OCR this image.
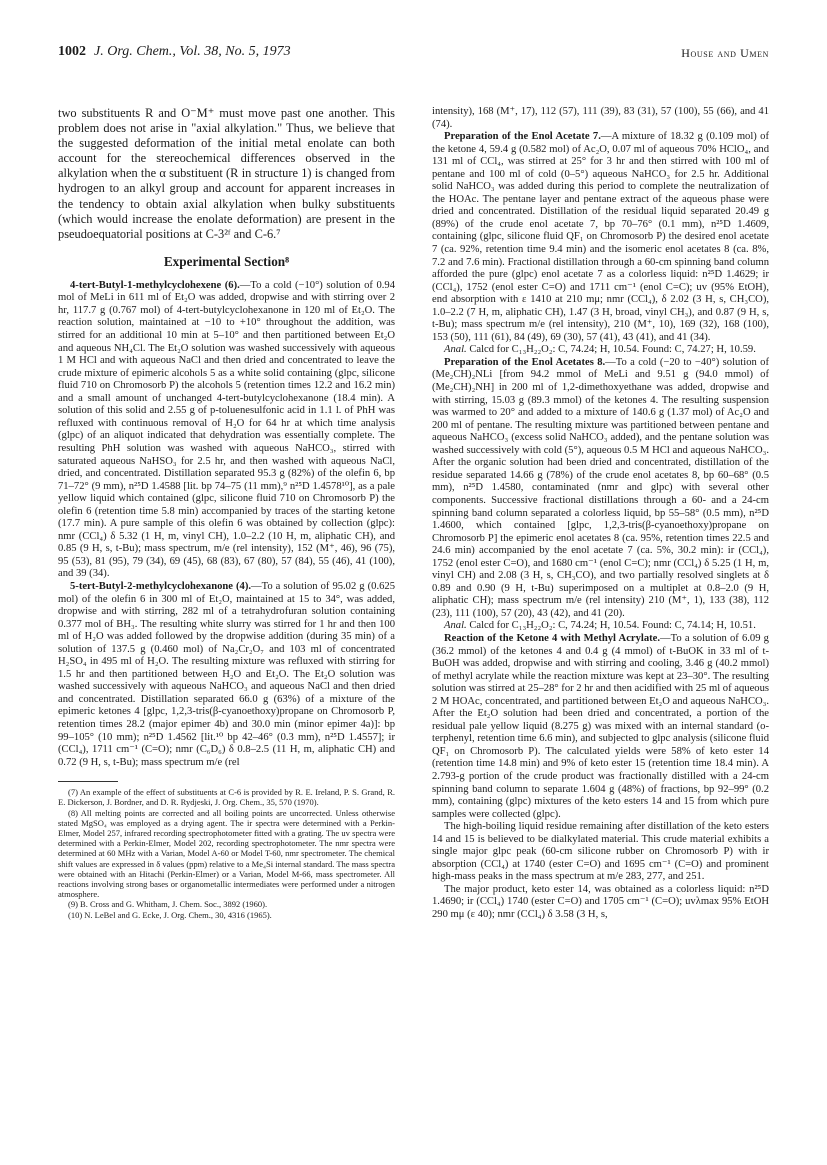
1002 J. Org. Chem., Vol. 38, No. 5, 1973	House and Umen

two substituents R and O⁻M⁺ must move past one another. This problem does not arise in "axial alkylation." Thus, we believe that the suggested deformation of the initial metal enolate can both account for the stereochemical differences observed in the alkylation when the α substituent (R in structure 1) is changed from hydrogen to an alkyl group and account for apparent increases in the tendency to obtain axial alkylation when bulky substituents (which would increase the enolate deformation) are present in the pseudoequatorial positions at C-3²ᶠ and C-6.⁷

Experimental Section⁸

4-tert-Butyl-1-methylcyclohexene (6).—To a cold (−10°) solution of 0.94 mol of MeLi in 611 ml of Et₂O was added, dropwise and with stirring over 2 hr, 117.7 g (0.767 mol) of 4-tert-butylcyclohexanone in 120 ml of Et₂O. The reaction solution, maintained at −10 to +10° throughout the addition, was stirred for an additional 10 min at 5–10° and then partitioned between Et₂O and aqueous NH₄Cl. The Et₂O solution was washed successively with aqueous 1 M HCl and with aqueous NaCl and then dried and concentrated to leave the crude mixture of epimeric alcohols 5 as a white solid containing (glpc, silicone fluid 710 on Chromosorb P) the alcohols 5 (retention times 12.2 and 16.2 min) and a small amount of unchanged 4-tert-butylcyclohexanone (18.4 min). A solution of this solid and 2.55 g of p-toluenesulfonic acid in 1.1 l. of PhH was refluxed with continuous removal of H₂O for 64 hr at which time analysis (glpc) of an aliquot indicated that dehydration was essentially complete. The resulting PhH solution was washed with aqueous NaHCO₃, stirred with saturated aqueous NaHSO₃ for 2.5 hr, and then washed with aqueous NaCl, dried, and concentrated. Distillation separated 95.3 g (82%) of the olefin 6, bp 71–72° (9 mm), n²⁵D 1.4588 [lit. bp 74–75 (11 mm),⁹ n²⁵D 1.4578¹⁰], as a pale yellow liquid which contained (glpc, silicone fluid 710 on Chromosorb P) the olefin 6 (retention time 5.8 min) accompanied by traces of the starting ketone (17.7 min). A pure sample of this olefin 6 was obtained by collection (glpc): nmr (CCl₄) δ 5.32 (1 H, m, vinyl CH), 1.0–2.2 (10 H, m, aliphatic CH), and 0.85 (9 H, s, t-Bu); mass spectrum, m/e (rel intensity), 152 (M⁺, 46), 96 (75), 95 (53), 81 (95), 79 (34), 69 (45), 68 (83), 67 (80), 57 (84), 55 (46), 41 (100), and 39 (34).

5-tert-Butyl-2-methylcyclohexanone (4).—To a solution of 95.02 g (0.625 mol) of the olefin 6 in 300 ml of Et₂O, maintained at 15 to 34°, was added, dropwise and with stirring, 282 ml of a tetrahydrofuran solution containing 0.377 mol of BH₃. The resulting white slurry was stirred for 1 hr and then 100 ml of H₂O was added followed by the dropwise addition (during 35 min) of a solution of 137.5 g (0.460 mol) of Na₂Cr₂O₇ and 103 ml of concentrated H₂SO₄ in 495 ml of H₂O. The resulting mixture was refluxed with stirring for 1.5 hr and then partitioned between H₂O and Et₂O. The Et₂O solution was washed successively with aqueous NaHCO₃ and aqueous NaCl and then dried and concentrated. Distillation separated 66.0 g (63%) of a mixture of the epimeric ketones 4 [glpc, 1,2,3-tris(β-cyanoethoxy)propane on Chromosorb P, retention times 28.2 (major epimer 4b) and 30.0 min (minor epimer 4a)]: bp 99–105° (10 mm); n²⁵D 1.4562 [lit.¹⁰ bp 42–46° (0.3 mm), n²⁵D 1.4557]; ir (CCl₄), 1711 cm⁻¹ (C=O); nmr (C₆D₆) δ 0.8–2.5 (11 H, m, aliphatic CH) and 0.72 (9 H, s, t-Bu); mass spectrum m/e (rel

(7) An example of the effect of substituents at C-6 is provided by R. E. Ireland, P. S. Grand, R. E. Dickerson, J. Bordner, and D. R. Rydjeski, J. Org. Chem., 35, 570 (1970).

(8) All melting points are corrected and all boiling points are uncorrected. Unless otherwise stated MgSO₄ was employed as a drying agent. The ir spectra were determined with a Perkin-Elmer, Model 257, infrared recording spectrophotometer fitted with a grating. The uv spectra were determined with a Perkin-Elmer, Model 202, recording spectrophotometer. The nmr spectra were determined at 60 MHz with a Varian, Model A-60 or Model T-60, nmr spectrometer. The chemical shift values are expressed in δ values (ppm) relative to a Me₄Si internal standard. The mass spectra were obtained with an Hitachi (Perkin-Elmer) or a Varian, Model M-66, mass spectrometer. All reactions involving strong bases or organometallic intermediates were performed under a nitrogen atmosphere.

(9) B. Cross and G. Whitham, J. Chem. Soc., 3892 (1960).

(10) N. LeBel and G. Ecke, J. Org. Chem., 30, 4316 (1965).

intensity), 168 (M⁺, 17), 112 (57), 111 (39), 83 (31), 57 (100), 55 (66), and 41 (74).

Preparation of the Enol Acetate 7.—A mixture of 18.32 g (0.109 mol) of the ketone 4, 59.4 g (0.582 mol) of Ac₂O, 0.07 ml of aqueous 70% HClO₄, and 131 ml of CCl₄, was stirred at 25° for 3 hr and then stirred with 100 ml of pentane and 100 ml of cold (0–5°) aqueous NaHCO₃ for 2.5 hr. Additional solid NaHCO₃ was added during this period to complete the neutralization of the HOAc. The pentane layer and pentane extract of the aqueous phase were dried and concentrated. Distillation of the residual liquid separated 20.49 g (89%) of the crude enol acetate 7, bp 70–76° (0.1 mm), n²⁵D 1.4609, containing (glpc, silicone fluid QF₁ on Chromosorb P) the desired enol acetate 7 (ca. 92%, retention time 9.4 min) and the isomeric enol acetates 8 (ca. 8%, 7.2 and 7.6 min). Fractional distillation through a 60-cm spinning band column afforded the pure (glpc) enol acetate 7 as a colorless liquid: n²⁵D 1.4629; ir (CCl₄), 1752 (enol ester C=O) and 1711 cm⁻¹ (enol C=C); uv (95% EtOH), end absorption with ε 1410 at 210 mμ; nmr (CCl₄), δ 2.02 (3 H, s, CH₃CO), 1.0–2.2 (7 H, m, aliphatic CH), 1.47 (3 H, broad, vinyl CH₃), and 0.87 (9 H, s, t-Bu); mass spectrum m/e (rel intensity), 210 (M⁺, 10), 169 (32), 168 (100), 153 (50), 111 (61), 84 (49), 69 (30), 57 (41), 43 (41), and 41 (34).

Anal. Calcd for C₁₃H₂₂O₂: C, 74.24; H, 10.54. Found: C, 74.27; H, 10.59.

Preparation of the Enol Acetates 8.—To a cold (−20 to −40°) solution of (Me₂CH)₂NLi [from 94.2 mmol of MeLi and 9.51 g (94.0 mmol) of (Me₂CH)₂NH] in 200 ml of 1,2-dimethoxyethane was added, dropwise and with stirring, 15.03 g (89.3 mmol) of the ketones 4. The resulting suspension was warmed to 20° and added to a mixture of 140.6 g (1.37 mol) of Ac₂O and 200 ml of pentane. The resulting mixture was partitioned between pentane and aqueous NaHCO₃ (excess solid NaHCO₃ added), and the pentane solution was washed successively with cold (5°), aqueous 0.5 M HCl and aqueous NaHCO₃. After the organic solution had been dried and concentrated, distillation of the residue separated 14.66 g (78%) of the crude enol acetates 8, bp 60–68° (0.5 mm), n²⁵D 1.4580, contaminated (nmr and glpc) with several other components. Successive fractional distillations through a 60- and a 24-cm spinning band column separated a colorless liquid, bp 55–58° (0.5 mm), n²⁵D 1.4600, which contained [glpc, 1,2,3-tris(β-cyanoethoxy)propane on Chromosorb P] the epimeric enol acetates 8 (ca. 95%, retention times 22.5 and 24.6 min) accompanied by the enol acetate 7 (ca. 5%, 30.2 min): ir (CCl₄), 1752 (enol ester C=O), and 1680 cm⁻¹ (enol C=C); nmr (CCl₄) δ 5.25 (1 H, m, vinyl CH) and 2.08 (3 H, s, CH₃CO), and two partially resolved singlets at δ 0.89 and 0.90 (9 H, t-Bu) superimposed on a multiplet at 0.8–2.0 (9 H, aliphatic CH); mass spectrum m/e (rel intensity) 210 (M⁺, 1), 133 (38), 112 (23), 111 (100), 57 (20), 43 (42), and 41 (20).

Anal. Calcd for C₁₃H₂₂O₂: C, 74.24; H, 10.54. Found: C, 74.14; H, 10.51.

Reaction of the Ketone 4 with Methyl Acrylate.—To a solution of 6.09 g (36.2 mmol) of the ketones 4 and 0.4 g (4 mmol) of t-BuOK in 33 ml of t-BuOH was added, dropwise and with stirring and cooling, 3.46 g (40.2 mmol) of methyl acrylate while the reaction mixture was kept at 23–30°. The resulting solution was stirred at 25–28° for 2 hr and then acidified with 25 ml of aqueous 2 M HOAc, concentrated, and partitioned between Et₂O and aqueous NaHCO₃. After the Et₂O solution had been dried and concentrated, a portion of the residual pale yellow liquid (8.275 g) was mixed with an internal standard (o-terphenyl, retention time 6.6 min), and subjected to glpc analysis (silicone fluid QF₁ on Chromosorb P). The calculated yields were 58% of keto ester 14 (retention time 14.8 min) and 9% of keto ester 15 (retention time 18.4 min). A 2.793-g portion of the crude product was fractionally distilled with a 24-cm spinning band column to separate 1.604 g (48%) of fractions, bp 92–99° (0.2 mm), containing (glpc) mixtures of the keto esters 14 and 15 from which pure samples were collected (glpc).

The high-boiling liquid residue remaining after distillation of the keto esters 14 and 15 is believed to be dialkylated material. This crude material exhibits a single major glpc peak (60-cm silicone rubber on Chromosorb P) with ir absorption (CCl₄) at 1740 (ester C=O) and 1695 cm⁻¹ (C=O) and prominent high-mass peaks in the mass spectrum at m/e 283, 277, and 251.

The major product, keto ester 14, was obtained as a colorless liquid: n²⁵D 1.4690; ir (CCl₄) 1740 (ester C=O) and 1705 cm⁻¹ (C=O); uvλmax 95% EtOH 290 mμ (ε 40); nmr (CCl₄) δ 3.58 (3 H, s,
